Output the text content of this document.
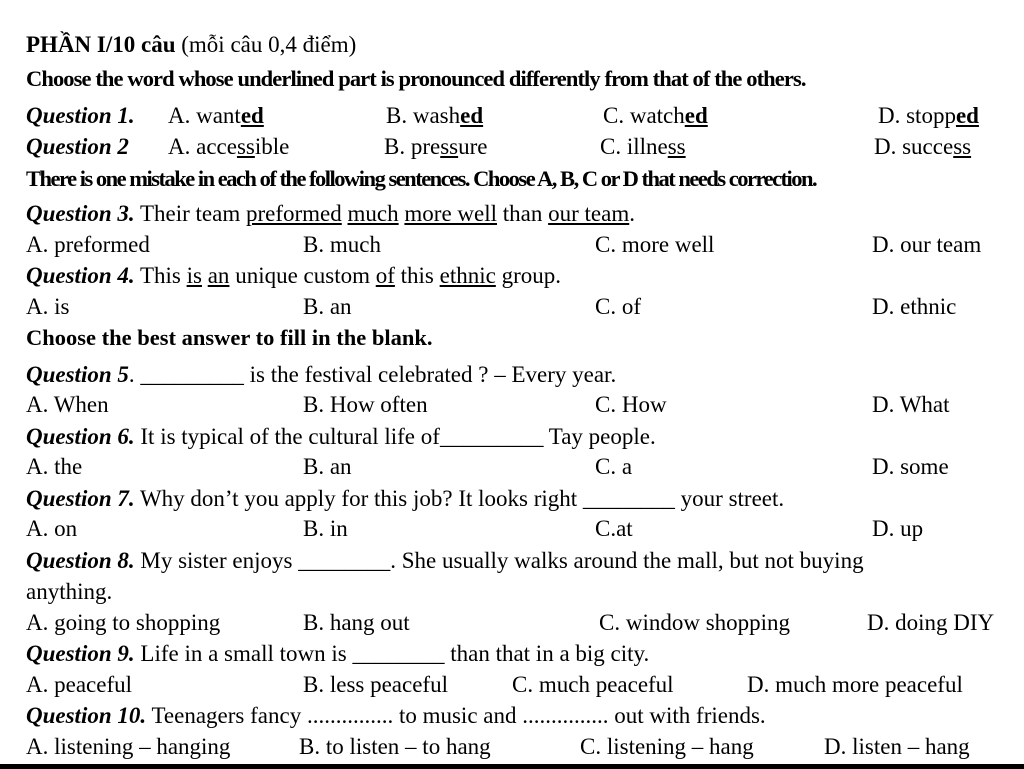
PHẦN I/10 câu (mỗi câu 0,4 điểm)
Choose the word whose underlined part is pronounced differently from that of the others.
Question 1. A. wanted	B. washed	C. watched	D. stopped
Question 2 A. accessible	B. pressure	C. illness	D. success
There is one mistake in each of the following sentences. Choose A, B, C or D that needs correction.
Question 3. Their team preformed much more well than our team.
A. preformed	B. much	C. more well	D. our team
Question 4. This is an unique custom of this ethnic group.
A. is	B. an	C. of	D. ethnic
Choose the best answer to fill in the blank.
Question 5. _________ is the festival celebrated ? – Every year.
A. When	B. How often	C. How	D. What
Question 6. It is typical of the cultural life of_________ Tay people.
A. the	B. an	C. a	D. some
Question 7. Why don’t you apply for this job? It looks right ________ your street.
A. on	B. in	C.at	D. up
Question 8. My sister enjoys ________. She usually walks around the mall, but not buying
anything.
A. going to shopping	B. hang out	C. window shopping	D. doing DIY
Question 9. Life in a small town is ________ than that in a big city.
A. peaceful	B. less peaceful	C. much peaceful	D. much more peaceful
Question 10. Teenagers fancy ............... to music and ............... out with friends.
A. listening – hanging	B. to listen – to hang	C. listening – hang	D. listen – hang
